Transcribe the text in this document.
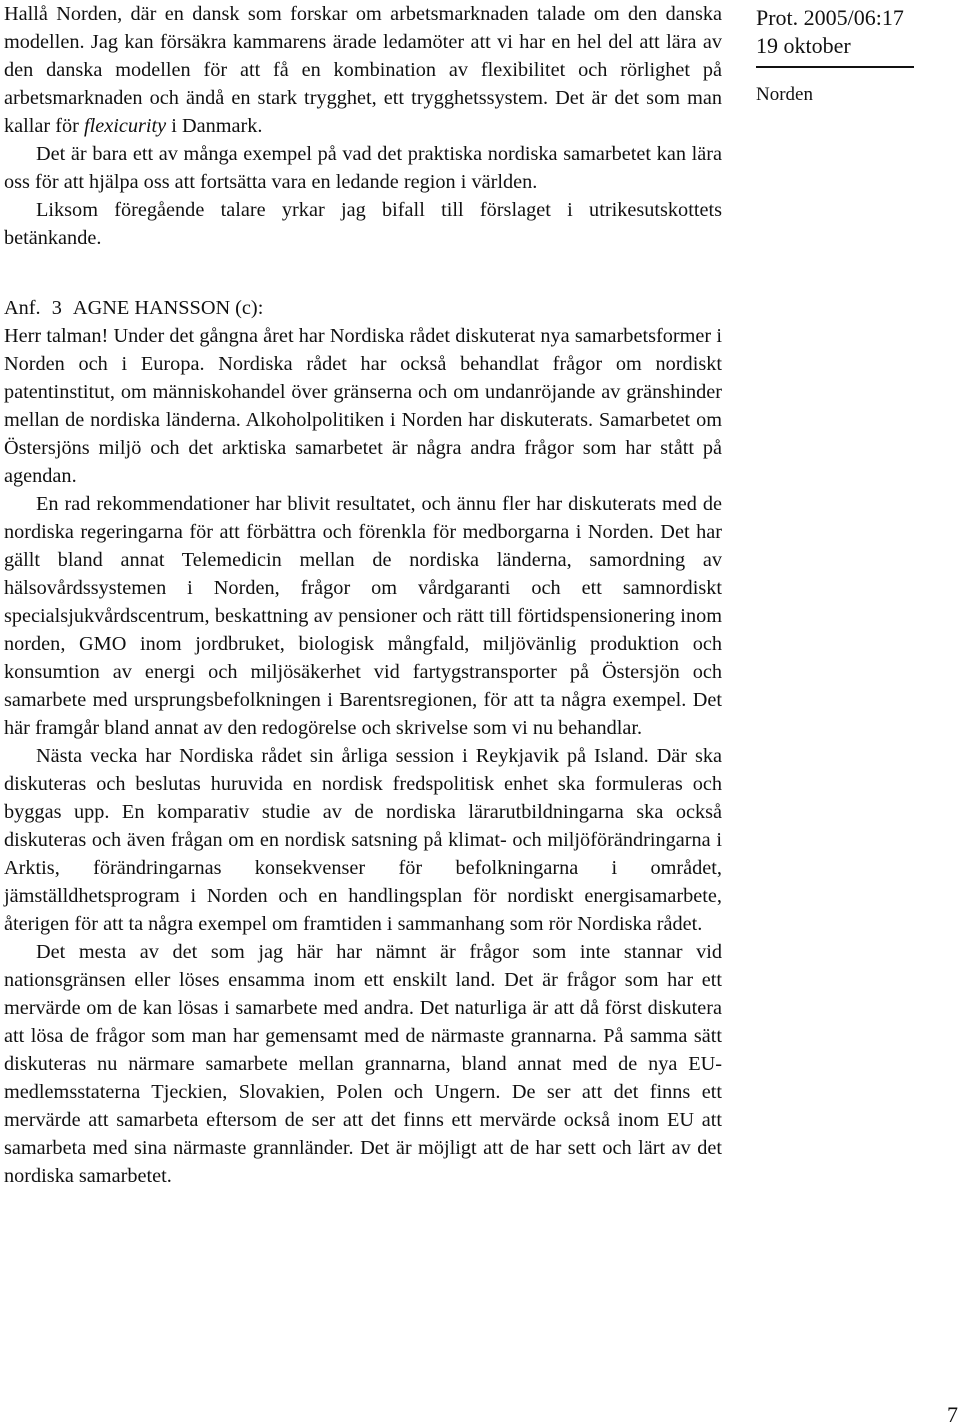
Hallå Norden, där en dansk som forskar om arbetsmarknaden talade om den danska modellen. Jag kan försäkra kammarens ärade ledamöter att vi har en hel del att lära av den danska modellen för att få en kombination av flexibilitet och rörlighet på arbetsmarknaden och ändå en stark trygghet, ett trygghetssystem. Det är det som man kallar för flexicurity i Danmark.

Det är bara ett av många exempel på vad det praktiska nordiska samarbetet kan lära oss för att hjälpa oss att fortsätta vara en ledande region i världen.

Liksom föregående talare yrkar jag bifall till förslaget i utrikesutskottets betänkande.

Anf. 3 AGNE HANSSON (c):

Herr talman! Under det gångna året har Nordiska rådet diskuterat nya samarbetsformer i Norden och i Europa. Nordiska rådet har också behandlat frågor om nordiskt patentinstitut, om människohandel över gränserna och om undanröjande av gränshinder mellan de nordiska länderna. Alkoholpolitiken i Norden har diskuterats. Samarbetet om Östersjöns miljö och det arktiska samarbetet är några andra frågor som har stått på agendan.

En rad rekommendationer har blivit resultatet, och ännu fler har diskuterats med de nordiska regeringarna för att förbättra och förenkla för medborgarna i Norden. Det har gällt bland annat Telemedicin mellan de nordiska länderna, samordning av hälsovårdssystemen i Norden, frågor om vårdgaranti och ett samnordiskt specialsjukvårdscentrum, beskattning av pensioner och rätt till förtidspensionering inom norden, GMO inom jordbruket, biologisk mångfald, miljövänlig produktion och konsumtion av energi och miljösäkerhet vid fartygstransporter på Östersjön och samarbete med ursprungsbefolkningen i Barentsregionen, för att ta några exempel. Det här framgår bland annat av den redogörelse och skrivelse som vi nu behandlar.

Nästa vecka har Nordiska rådet sin årliga session i Reykjavik på Island. Där ska diskuteras och beslutas huruvida en nordisk fredspolitisk enhet ska formuleras och byggas upp. En komparativ studie av de nordiska lärarutbildningarna ska också diskuteras och även frågan om en nordisk satsning på klimat- och miljöförändringarna i Arktis, förändringarnas konsekvenser för befolkningarna i området, jämställdhetsprogram i Norden och en handlingsplan för nordiskt energisamarbete, återigen för att ta några exempel om framtiden i sammanhang som rör Nordiska rådet.

Det mesta av det som jag här har nämnt är frågor som inte stannar vid nationsgränsen eller löses ensamma inom ett enskilt land. Det är frågor som har ett mervärde om de kan lösas i samarbete med andra. Det naturliga är att då först diskutera att lösa de frågor som man har gemensamt med de närmaste grannarna. På samma sätt diskuteras nu närmare samarbete mellan grannarna, bland annat med de nya EU-medlemsstaterna Tjeckien, Slovakien, Polen och Ungern. De ser att det finns ett mervärde att samarbeta eftersom de ser att det finns ett mervärde också inom EU att samarbeta med sina närmaste grannländer. Det är möjligt att de har sett och lärt av det nordiska samarbetet.

Prot. 2005/06:17

19 oktober

Norden

7
